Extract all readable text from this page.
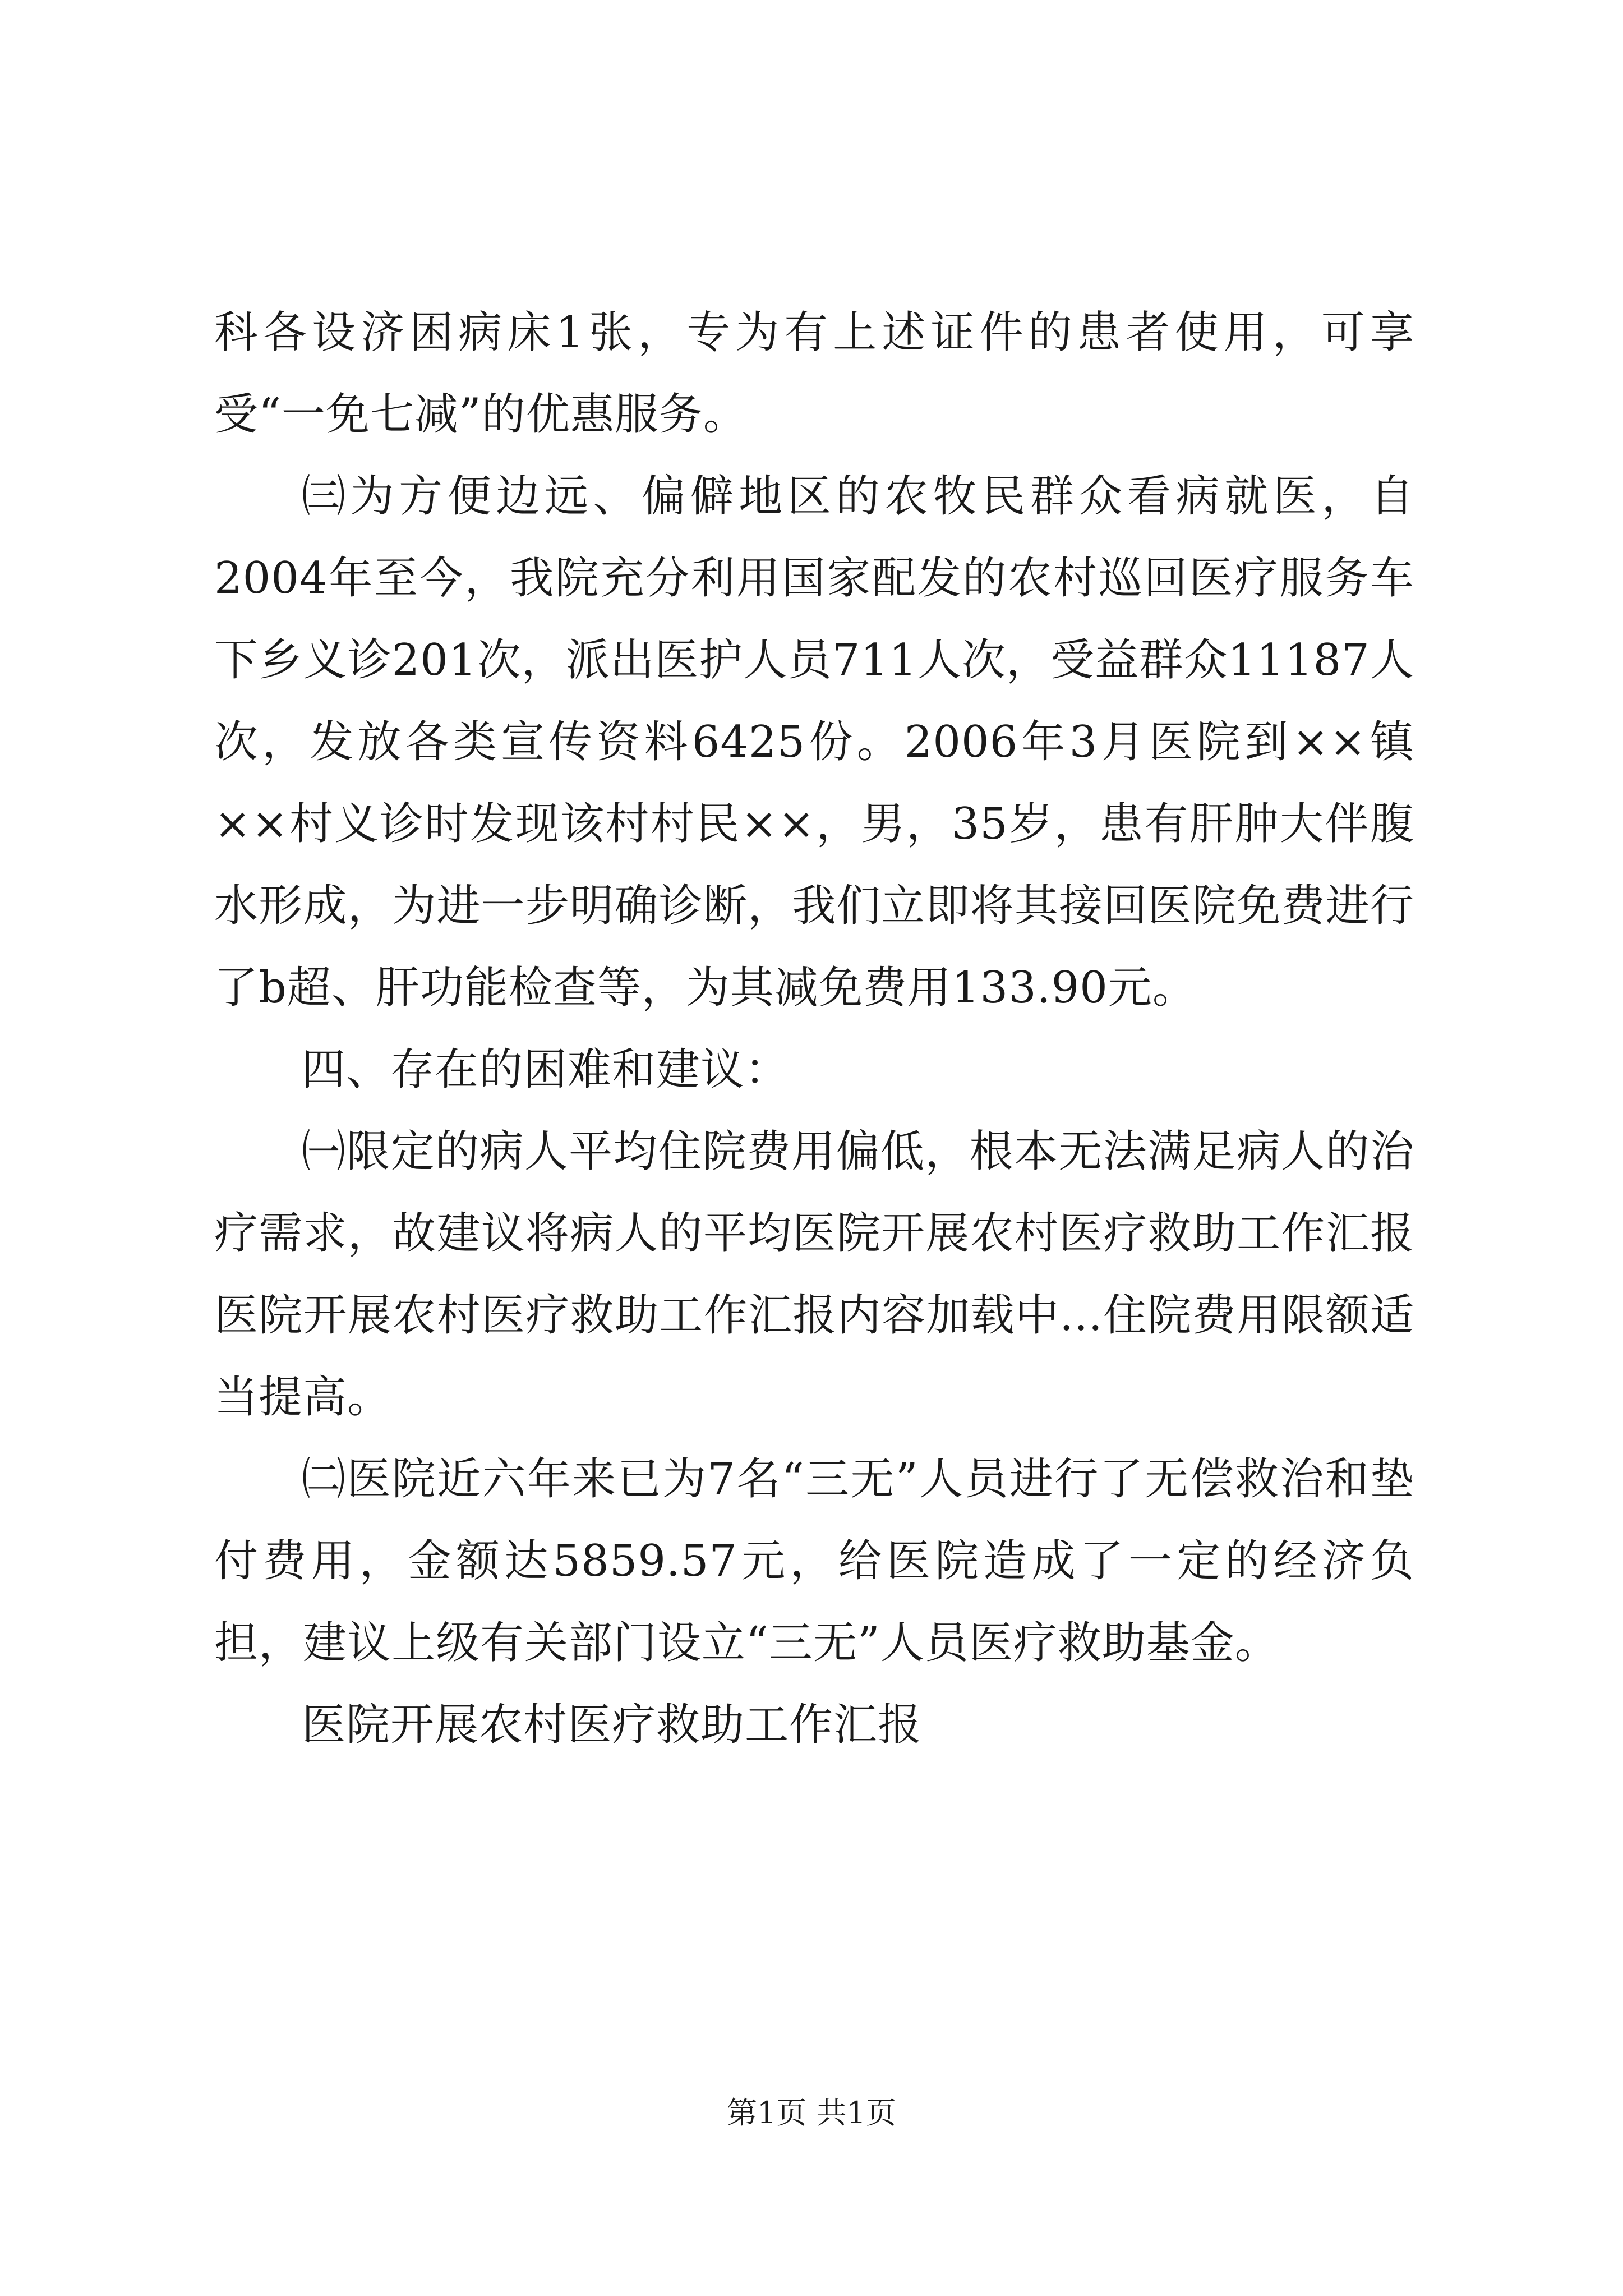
科各设济困病床1张，专为有上述证件的患者使用，可享受“一免七减”的优惠服务。

㈢为方便边远、偏僻地区的农牧民群众看病就医，自2004年至今，我院充分利用国家配发的农村巡回医疗服务车下乡义诊201次，派出医护人员711人次，受益群众11187人次，发放各类宣传资料6425份。2006年3月医院到××镇××村义诊时发现该村村民××，男，35岁，患有肝肿大伴腹水形成，为进一步明确诊断，我们立即将其接回医院免费进行了b超、肝功能检查等，为其减免费用133.90元。

四、存在的困难和建议：

㈠限定的病人平均住院费用偏低，根本无法满足病人的治疗需求，故建议将病人的平均医院开展农村医疗救助工作汇报医院开展农村医疗救助工作汇报内容加载中...住院费用限额适当提高。

㈡医院近六年来已为7名“三无”人员进行了无偿救治和垫付费用，金额达5859.57元，给医院造成了一定的经济负担，建议上级有关部门设立“三无”人员医疗救助基金。

医院开展农村医疗救助工作汇报

第1页 共1页
